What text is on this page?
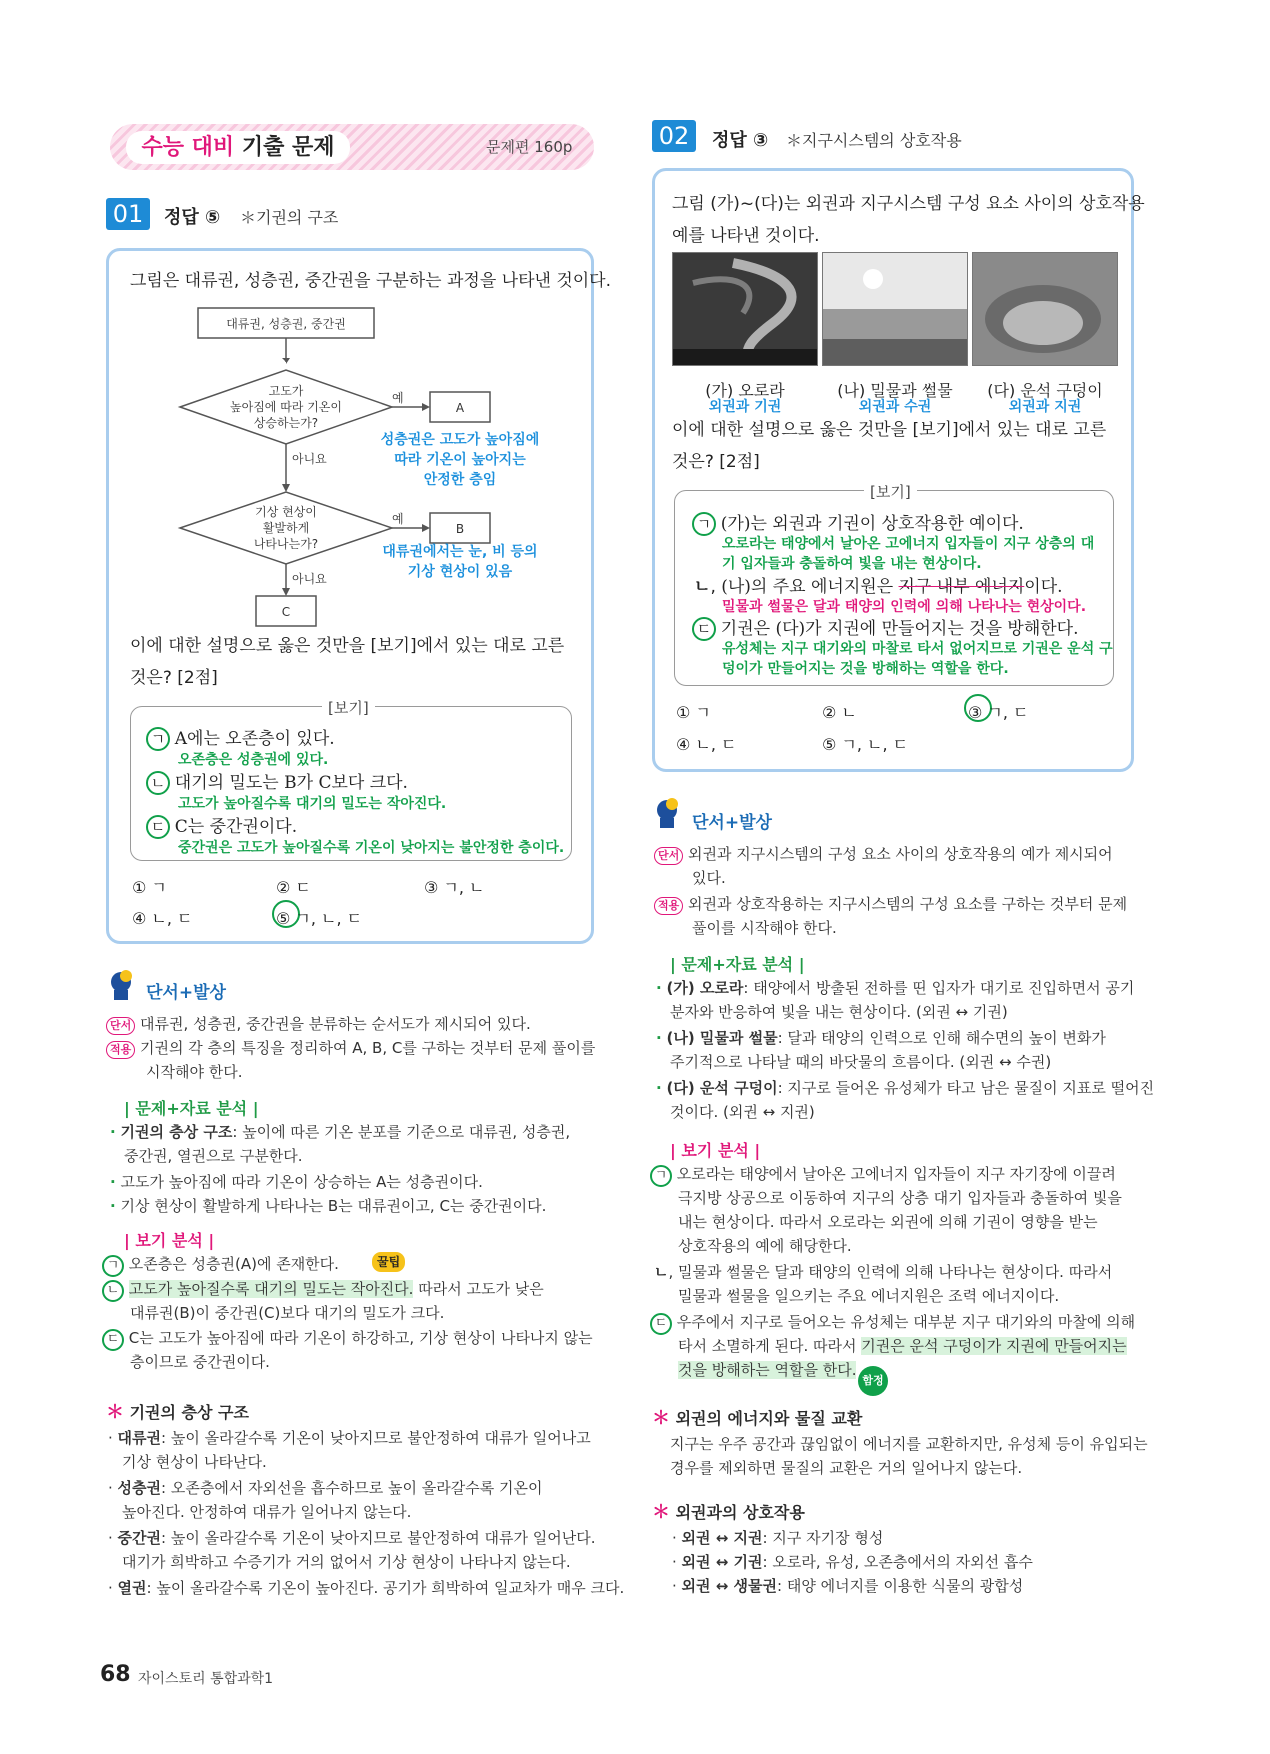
수능 대비 기출 문제	문제편 160p
01	정답 ⑤ ＊기권의 구조
그림은 대류권, 성층권, 중간권을 구분하는 과정을 나타낸 것이다.
대류권, 성층권, 중간권
고도가
높아짐에 따라 기온이
상승하는가?
예
A
아니요
기상 현상이
활발하게
나타나는가?
예
B
아니요
C
성층권은 고도가 높아짐에
따라 기온이 높아지는
안정한 층임
대류권에서는 눈, 비 등의
기상 현상이 있음
이에 대한 설명으로 옳은 것만을 [보기]에서 있는 대로 고른
것은? [2점]
[보기]
ㄱ A에는 오존층이 있다.
오존층은 성층권에 있다.
ㄴ 대기의 밀도는 B가 C보다 크다.
고도가 높아질수록 대기의 밀도는 작아진다.
ㄷ C는 중간권이다.
중간권은 고도가 높아질수록 기온이 낮아지는 불안정한 층이다.
① ㄱ	② ㄷ	③ ㄱ, ㄴ
④ ㄴ, ㄷ	⑤ ㄱ, ㄴ, ㄷ
단서+발상
단서 대류권, 성층권, 중간권을 분류하는 순서도가 제시되어 있다.
적용 기권의 각 층의 특징을 정리하여 A, B, C를 구하는 것부터 문제 풀이를
시작해야 한다.
| 문제+자료 분석 |
· 기권의 층상 구조: 높이에 따른 기온 분포를 기준으로 대류권, 성층권,
중간권, 열권으로 구분한다.
· 고도가 높아짐에 따라 기온이 상승하는 A는 성층권이다.
· 기상 현상이 활발하게 나타나는 B는 대류권이고, C는 중간권이다.
| 보기 분석 |
ㄱ 오존층은 성층권(A)에 존재한다.	꿀팁
ㄴ 고도가 높아질수록 대기의 밀도는 작아진다. 따라서 고도가 낮은
대류권(B)이 중간권(C)보다 대기의 밀도가 크다.
ㄷ C는 고도가 높아짐에 따라 기온이 하강하고, 기상 현상이 나타나지 않는
층이므로 중간권이다.
＊ 기권의 층상 구조
· 대류권: 높이 올라갈수록 기온이 낮아지므로 불안정하여 대류가 일어나고
기상 현상이 나타난다.
· 성층권: 오존층에서 자외선을 흡수하므로 높이 올라갈수록 기온이
높아진다. 안정하여 대류가 일어나지 않는다.
· 중간권: 높이 올라갈수록 기온이 낮아지므로 불안정하여 대류가 일어난다.
대기가 희박하고 수증기가 거의 없어서 기상 현상이 나타나지 않는다.
· 열권: 높이 올라갈수록 기온이 높아진다. 공기가 희박하여 일교차가 매우 크다.
02	정답 ③ ＊지구시스템의 상호작용
그림 (가)~(다)는 외권과 지구시스템 구성 요소 사이의 상호작용
예를 나타낸 것이다.
(가) 오로라
외권과 기권
(나) 밀물과 썰물
외권과 수권
(다) 운석 구덩이
외권과 지권
이에 대한 설명으로 옳은 것만을 [보기]에서 있는 대로 고른
것은? [2점]
[보기]
ㄱ (가)는 외권과 기권이 상호작용한 예이다.
오로라는 태양에서 날아온 고에너지 입자들이 지구 상층의 대
기 입자들과 충돌하여 빛을 내는 현상이다.
ㄴ, (나)의 주요 에너지원은 지구 내부 에너지이다.
밀물과 썰물은 달과 태양의 인력에 의해 나타나는 현상이다.
ㄷ 기권은 (다)가 지권에 만들어지는 것을 방해한다.
유성체는 지구 대기와의 마찰로 타서 없어지므로 기권은 운석 구
덩이가 만들어지는 것을 방해하는 역할을 한다.
① ㄱ	② ㄴ	③ ㄱ, ㄷ
④ ㄴ, ㄷ	⑤ ㄱ, ㄴ, ㄷ
단서+발상
단서 외권과 지구시스템의 구성 요소 사이의 상호작용의 예가 제시되어
있다.
적용 외권과 상호작용하는 지구시스템의 구성 요소를 구하는 것부터 문제
풀이를 시작해야 한다.
| 문제+자료 분석 |
· (가) 오로라: 태양에서 방출된 전하를 띤 입자가 대기로 진입하면서 공기
분자와 반응하여 빛을 내는 현상이다. (외권 ↔ 기권)
· (나) 밀물과 썰물: 달과 태양의 인력으로 인해 해수면의 높이 변화가
주기적으로 나타날 때의 바닷물의 흐름이다. (외권 ↔ 수권)
· (다) 운석 구덩이: 지구로 들어온 유성체가 타고 남은 물질이 지표로 떨어진
것이다. (외권 ↔ 지권)
| 보기 분석 |
ㄱ 오로라는 태양에서 날아온 고에너지 입자들이 지구 자기장에 이끌려
극지방 상공으로 이동하여 지구의 상층 대기 입자들과 충돌하여 빛을
내는 현상이다. 따라서 오로라는 외권에 의해 기권이 영향을 받는
상호작용의 예에 해당한다.
ㄴ, 밀물과 썰물은 달과 태양의 인력에 의해 나타나는 현상이다. 따라서
밀물과 썰물을 일으키는 주요 에너지원은 조력 에너지이다.
ㄷ 우주에서 지구로 들어오는 유성체는 대부분 지구 대기와의 마찰에 의해
타서 소멸하게 된다. 따라서 기권은 운석 구덩이가 지권에 만들어지는
것을 방해하는 역할을 한다.
함정
＊ 외권의 에너지와 물질 교환
지구는 우주 공간과 끊임없이 에너지를 교환하지만, 유성체 등이 유입되는
경우를 제외하면 물질의 교환은 거의 일어나지 않는다.
＊ 외권과의 상호작용
· 외권 ↔ 지권: 지구 자기장 형성
· 외권 ↔ 기권: 오로라, 유성, 오존층에서의 자외선 흡수
· 외권 ↔ 생물권: 태양 에너지를 이용한 식물의 광합성
68 자이스토리 통합과학1
